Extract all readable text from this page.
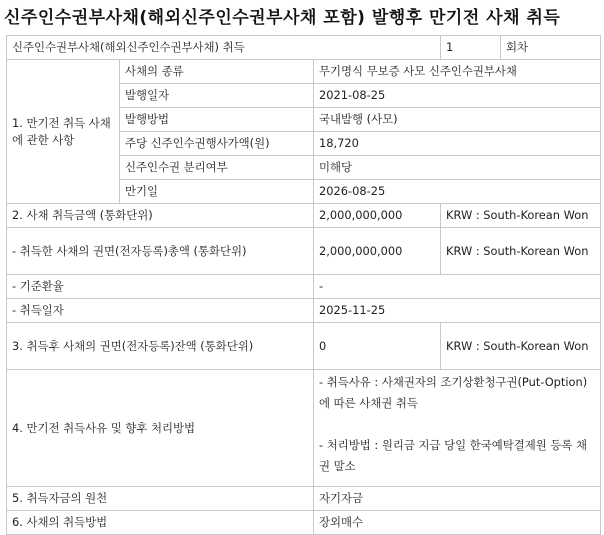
신주인수권부사채(해외신주인수권부사채 포함) 발행후 만기전 사채 취득
신주인수권부사채(해외신주인수권부사채) 취득			1	회차
1. 만기전 취득 사채에 관한 사항	사채의 종류	무기명식 무보증 사모 신주인수권부사채		
	발행일자	2021-08-25		
	발행방법	국내발행 (사모)		
	주당 신주인수권행사가액(원)	18,720		
	신주인수권 분리여부	미해당		
	만기일	2026-08-25		
2. 사채 취득금액 (통화단위)		2,000,000,000	KRW : South-Korean Won	
- 취득한 사채의 권면(전자등록)총액 (통화단위)		2,000,000,000	KRW : South-Korean Won	
- 기준환율		-		
- 취득일자		2025-11-25		
3. 취득후 사채의 권면(전자등록)잔액 (통화단위)		0	KRW : South-Korean Won	
4. 만기전 취득사유 및 향후 처리방법		- 취득사유 : 사채권자의 조기상환청구권(Put-Option)에 따른 사채권 취득
- 처리방법 : 원리금 지급 당일 한국예탁결제원 등록 채권 말소		

5. 취득자금의 원천		자기자금		
6. 사채의 취득방법		장외매수		
